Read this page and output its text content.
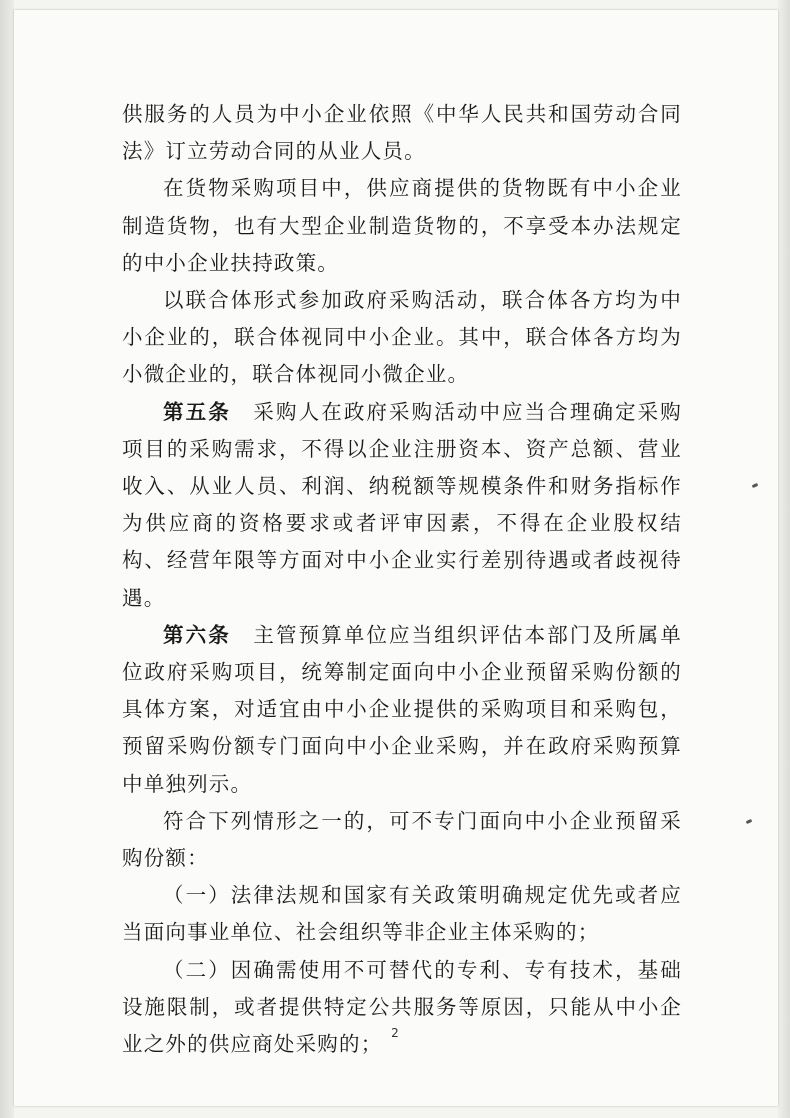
供服务的人员为中小企业依照《中华人民共和国劳动合同法》订立劳动合同的从业人员。

在货物采购项目中，供应商提供的货物既有中小企业制造货物，也有大型企业制造货物的，不享受本办法规定的中小企业扶持政策。

以联合体形式参加政府采购活动，联合体各方均为中小企业的，联合体视同中小企业。其中，联合体各方均为小微企业的，联合体视同小微企业。

第五条　采购人在政府采购活动中应当合理确定采购项目的采购需求，不得以企业注册资本、资产总额、营业收入、从业人员、利润、纳税额等规模条件和财务指标作为供应商的资格要求或者评审因素，不得在企业股权结构、经营年限等方面对中小企业实行差别待遇或者歧视待遇。

第六条　主管预算单位应当组织评估本部门及所属单位政府采购项目，统筹制定面向中小企业预留采购份额的具体方案，对适宜由中小企业提供的采购项目和采购包，预留采购份额专门面向中小企业采购，并在政府采购预算中单独列示。

符合下列情形之一的，可不专门面向中小企业预留采购份额：

（一）法律法规和国家有关政策明确规定优先或者应当面向事业单位、社会组织等非企业主体采购的；

（二）因确需使用不可替代的专利、专有技术，基础设施限制，或者提供特定公共服务等原因，只能从中小企业之外的供应商处采购的； 2
